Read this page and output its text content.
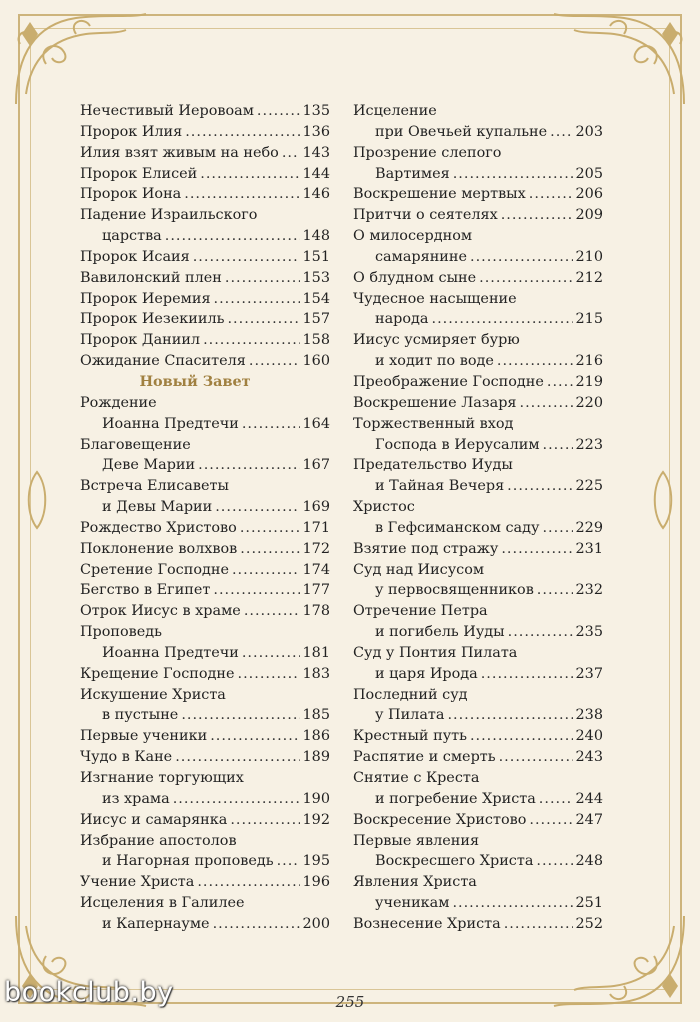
Нечестивый Иеровоам .....	135
Пророк Илия .....	136
Илия взят живым на небо ..... 143
Пророк Елисей .....	144
Пророк Иона .....	146
Падение Израильского
царства .....	148
Пророк Исаия .....	151
Вавилонский плен .....	153
Пророк Иеремия .....	154
Пророк Иезекииль .....	157
Пророк Даниил .....	158
Ожидание Спасителя .....	160
Новый Завет
Рождение
Иоанна Предтечи .....	164
Благовещение
Деве Марии .....	167
Встреча Елисаветы
и Девы Марии .....	169
Рождество Христово .....	171
Поклонение волхвов .....	172
Сретение Господне .....	174
Бегство в Египет .....	177
Отрок Иисус в храме .....	178
Проповедь
Иоанна Предтечи .....	181
Крещение Господне .....	183
Искушение Христа
в пустыне .....	185
Первые ученики .....	186
Чудо в Кане .....	189
Изгнание торгующих
из храма .....	190
Иисус и самарянка .....	192
Избрание апостолов
и Нагорная проповедь ..... 195
Учение Христа .....	196
Исцеления в Галилее
и Капернауме .....	200
Исцеление
при Овечьей купальне ..... 203
Прозрение слепого
Вартимея .....	205
Воскрешение мертвых .....	206
Притчи о сеятелях .....	209
О милосердном
самарянине .....	210
О блудном сыне .....	212
Чудесное насыщение
народа .....	215
Иисус усмиряет бурю
и ходит по воде .....	216
Преображение Господне ..... 219
Воскрешение Лазаря .....	220
Торжественный вход
Господа в Иерусалим .....	223
Предательство Иуды
и Тайная Вечеря .....	225
Христос
в Гефсиманском саду .....	229
Взятие под стражу .....	231
Суд над Иисусом
у первосвященников .....	232
Отречение Петра
и погибель Иуды .....	235
Суд у Понтия Пилата
и царя Ирода .....	237
Последний суд
у Пилата .....	238
Крестный путь .....	240
Распятие и смерть .....	243
Снятие с Креста
и погребение Христа .....	244
Воскресение Христово .....	247
Первые явления
Воскресшего Христа .....	248
Явления Христа
ученикам .....	251
Вознесение Христа .....	252
255
bookclub.by
